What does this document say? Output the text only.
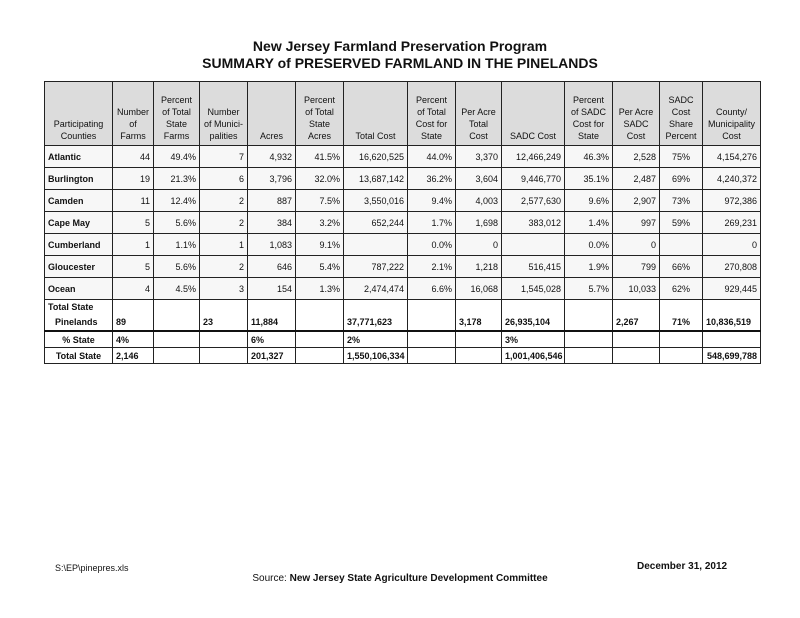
New Jersey Farmland Preservation Program
SUMMARY of PRESERVED FARMLAND IN THE PINELANDS
Participating Counties	Number of Farms	Percent of Total State Farms	Number of Munici-palities	Acres	Percent of Total State Acres	Total Cost	Percent of Total Cost for State	Per Acre Total Cost	SADC Cost	Percent of SADC Cost for State	Per Acre SADC Cost	SADC Cost Share Percent	County/ Municipality Cost
Atlantic	44	49.4%	7	4,932	41.5%	16,620,525	44.0%	3,370	12,466,249	46.3%	2,528	75%	4,154,276
Burlington	19	21.3%	6	3,796	32.0%	13,687,142	36.2%	3,604	9,446,770	35.1%	2,487	69%	4,240,372
Camden	11	12.4%	2	887	7.5%	3,550,016	9.4%	4,003	2,577,630	9.6%	2,907	73%	972,386
Cape May	5	5.6%	2	384	3.2%	652,244	1.7%	1,698	383,012	1.4%	997	59%	269,231
Cumberland	1	1.1%	1	1,083	9.1%		0.0%	0		0.0%	0		0
Gloucester	5	5.6%	2	646	5.4%	787,222	2.1%	1,218	516,415	1.9%	799	66%	270,808
Ocean	4	4.5%	3	154	1.3%	2,474,474	6.6%	16,068	1,545,028	5.7%	10,033	62%	929,445
Total State													
Pinelands	89		23	11,884		37,771,623		3,178	26,935,104		2,267	71%	10,836,519
% State	4%			6%		2%			3%				
Total State	2,146			201,327		1,550,106,334			1,001,406,546				548,699,788
S:\EP\pinepres.xls	December 31, 2012
Source: New Jersey State Agriculture Development Committee
